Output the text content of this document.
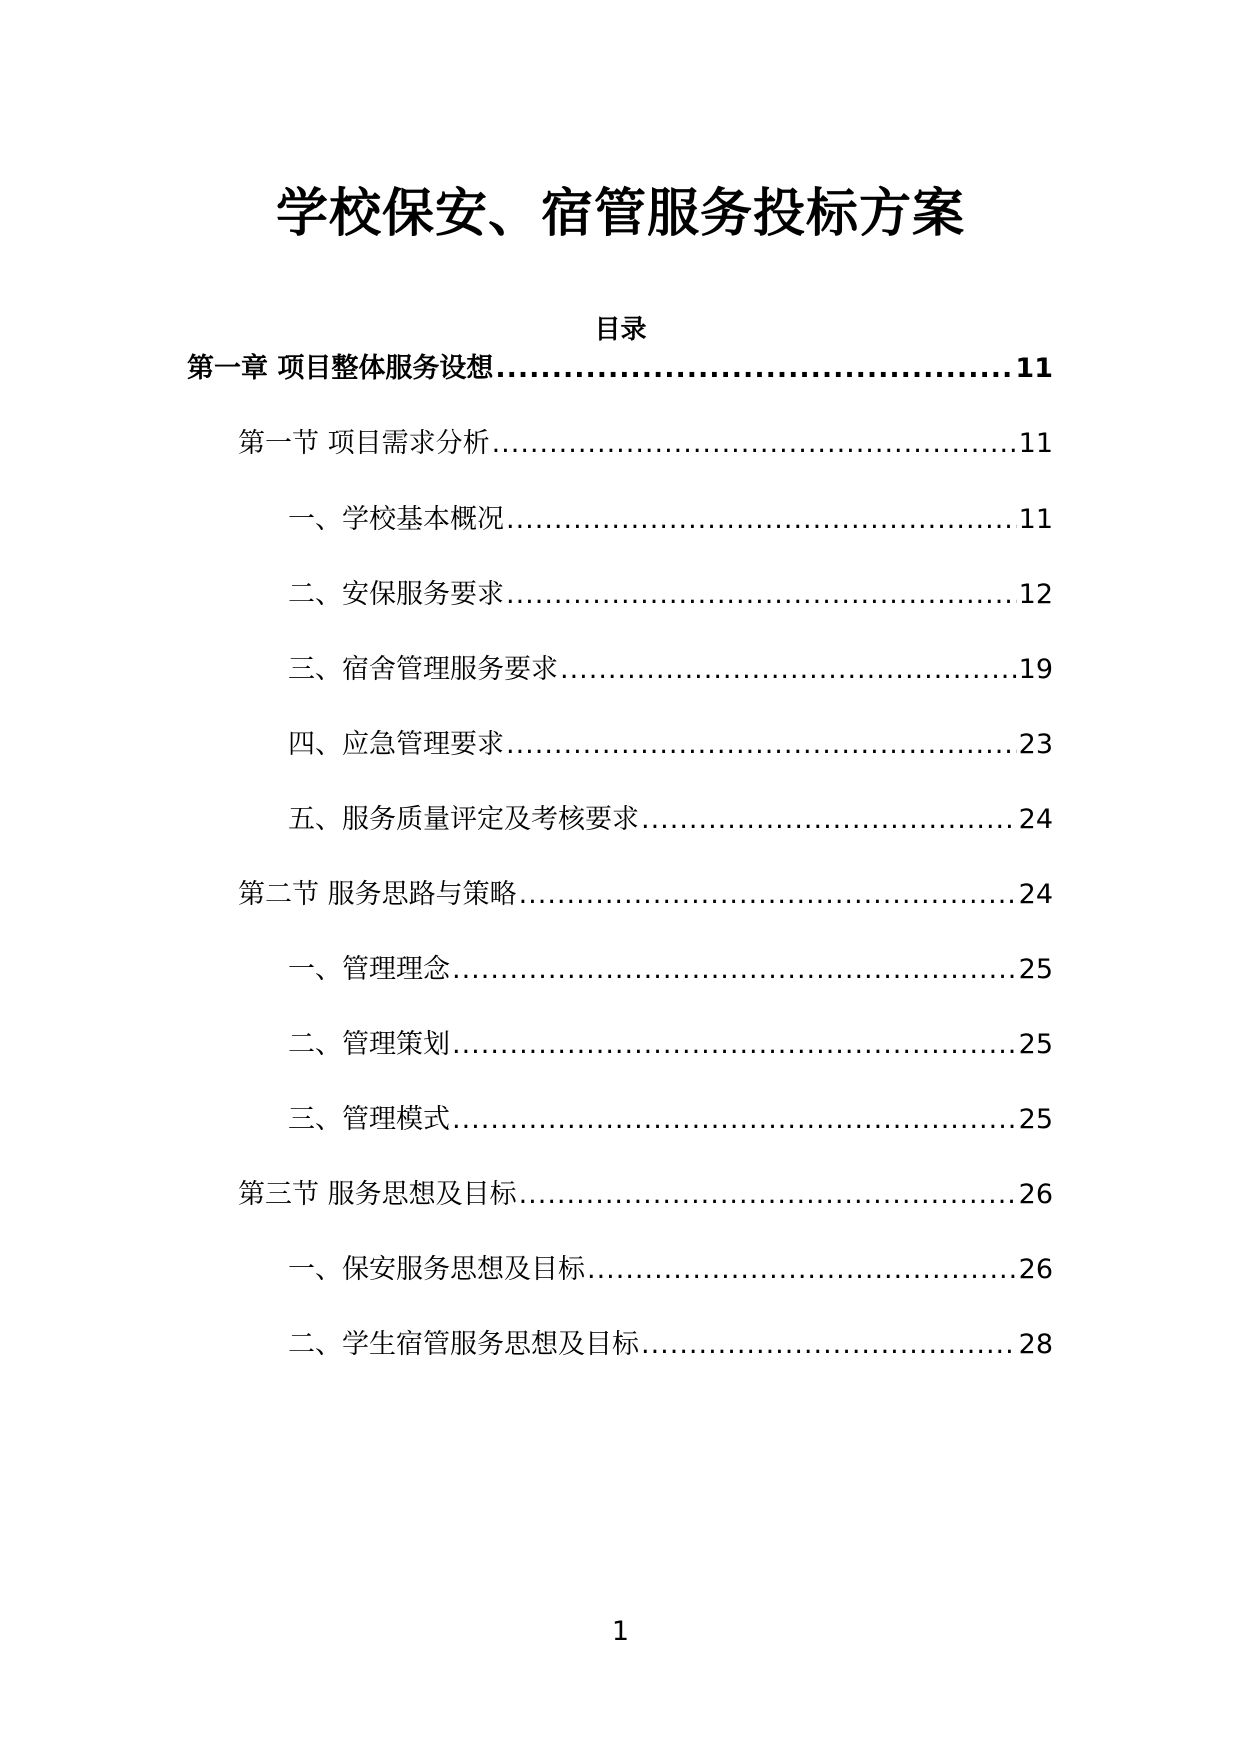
学校保安、宿管服务投标方案
目录
第一章 项目整体服务设想 .....	11
第一节 项目需求分析 .....	11
一、学校基本概况 .....	11
二、安保服务要求 .....	12
三、宿舍管理服务要求 .....	19
四、应急管理要求 .....	23
五、服务质量评定及考核要求 .....	24
第二节 服务思路与策略 .....	24
一、管理理念 .....	25
二、管理策划 .....	25
三、管理模式 .....	25
第三节 服务思想及目标 .....	26
一、保安服务思想及目标 .....	26
二、学生宿管服务思想及目标 .....	28
1
